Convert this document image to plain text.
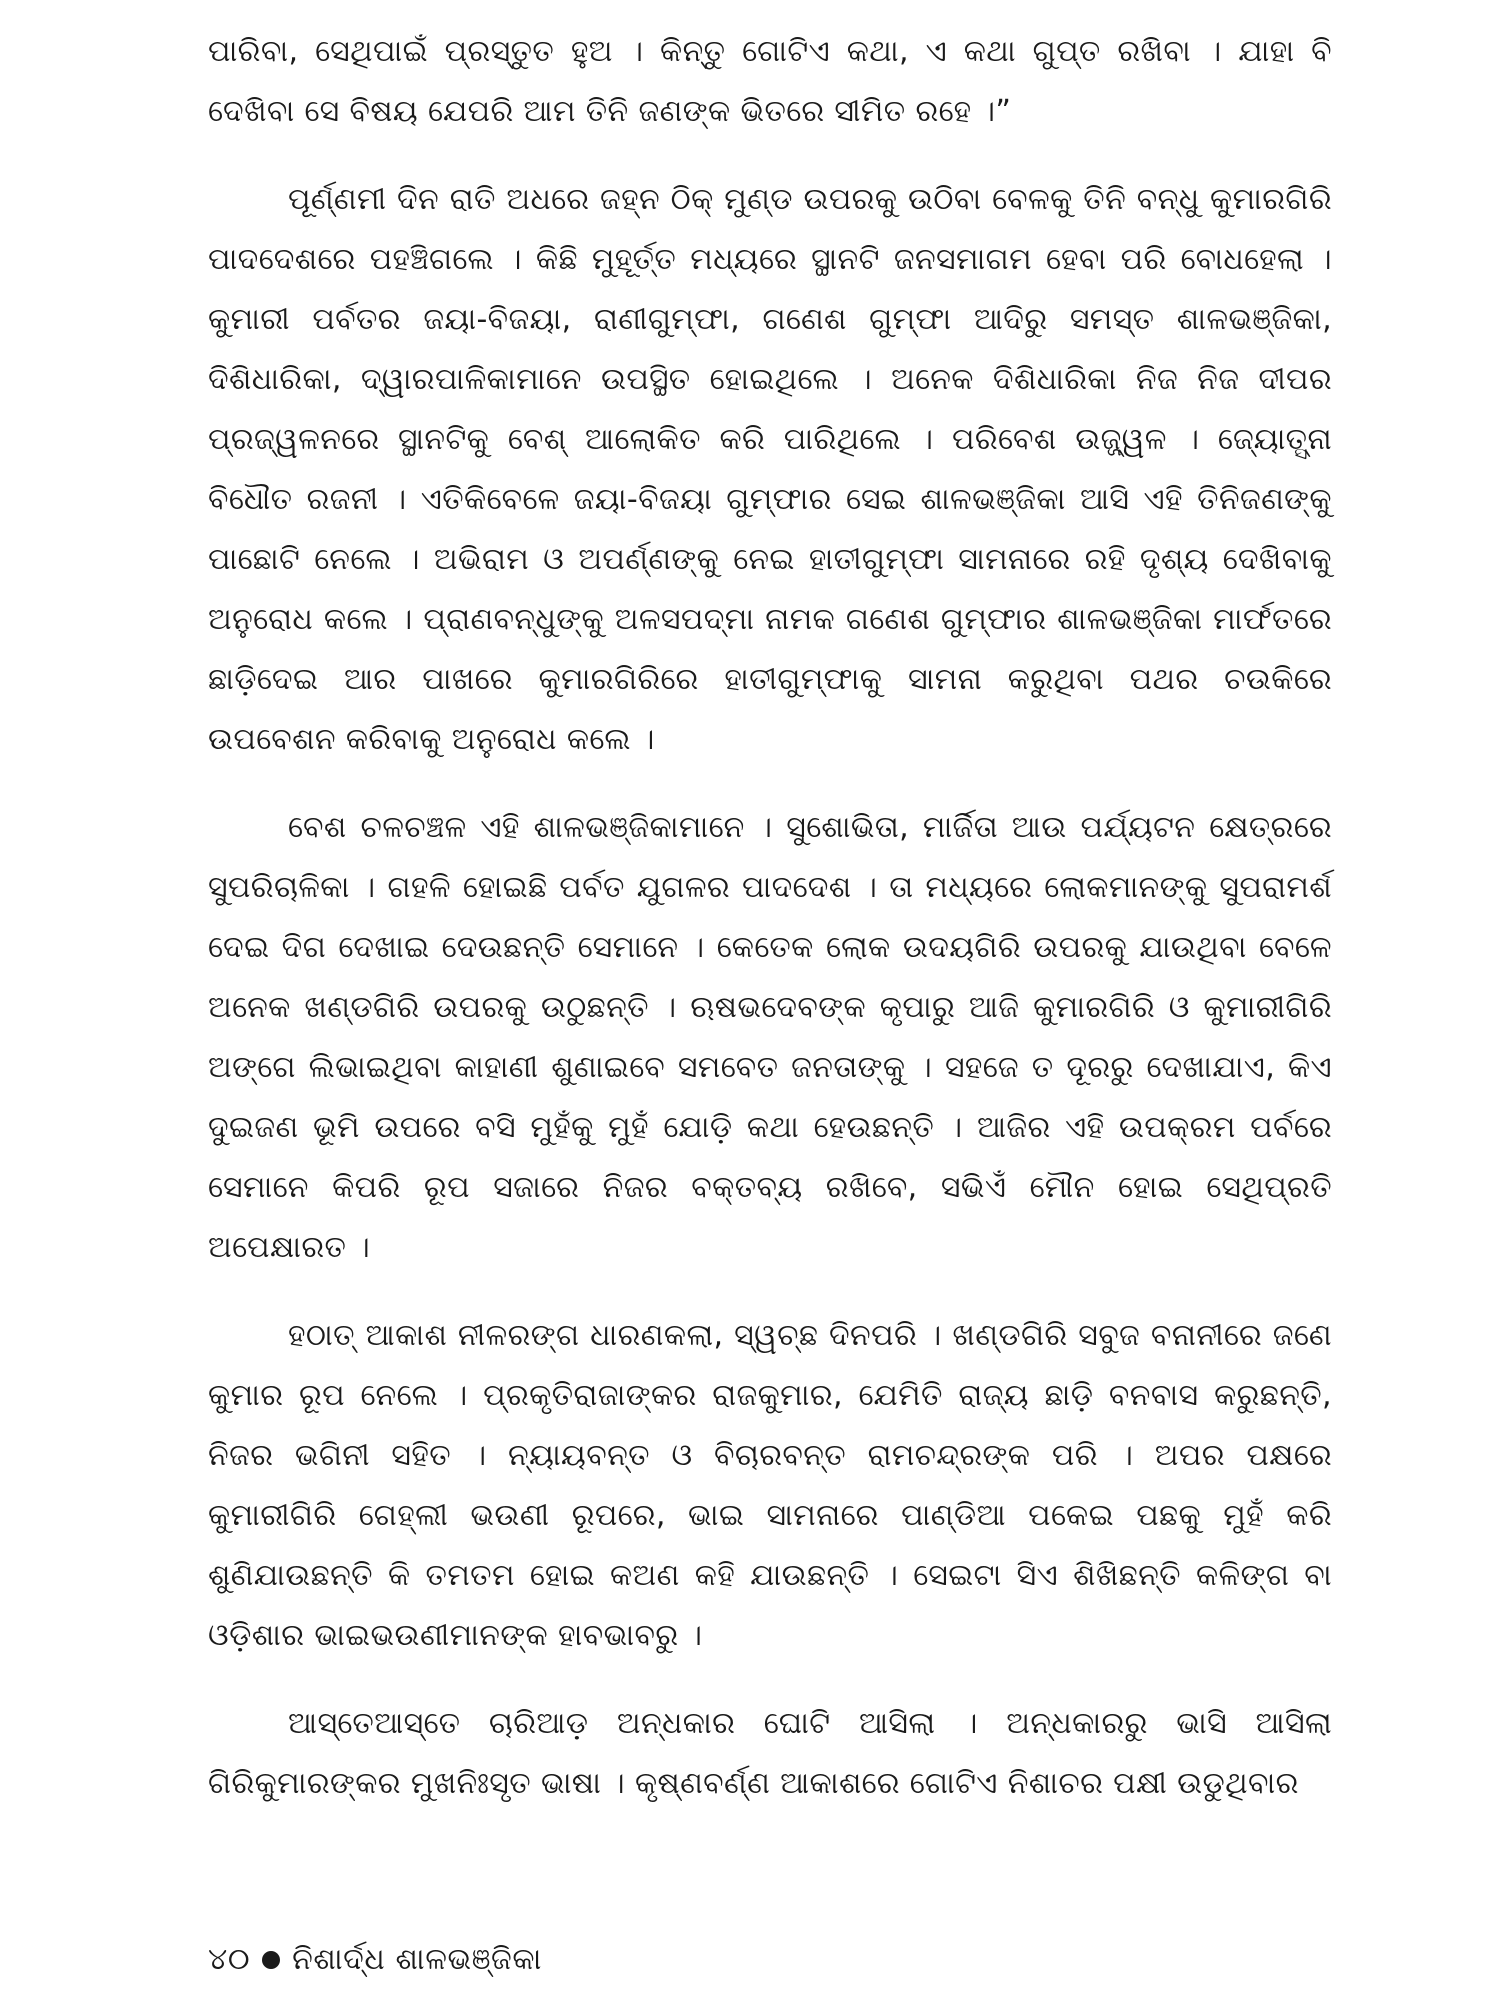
ପାରିବା, ସେଥିପାଇଁ ପ୍ରସ୍ତୁତ ହୁଅ । କିନ୍ତୁ ଗୋଟିଏ କଥା, ଏ କଥା ଗୁପ୍ତ ରଖିବା । ଯାହା ବି ଦେଖିବା ସେ ବିଷୟ ଯେପରି ଆମ ତିନି ଜଣଙ୍କ ଭିତରେ ସୀମିତ ରହେ ।”

ପୂର୍ଣ୍ଣମୀ ଦିନ ରାତି ଅଧରେ ଜହ୍ନ ଠିକ୍ ମୁଣ୍ଡ ଉପରକୁ ଉଠିବା ବେଳକୁ ତିନି ବନ୍ଧୁ କୁମାରଗିରି ପାଦଦେଶରେ ପହଞ୍ଚିଗଲେ । କିଛି ମୁହୂର୍ତ୍ତ ମଧ୍ୟରେ ସ୍ଥାନଟି ଜନସମାଗମ ହେବା ପରି ବୋଧହେଲା । କୁମାରୀ ପର୍ବତର ଜୟା-ବିଜୟା, ରାଣୀଗୁମ୍ଫା, ଗଣେଶ ଗୁମ୍ଫା ଆଦିରୁ ସମସ୍ତ ଶାଳଭଞ୍ଜିକା, ଦିଶିଧାରିକା, ଦ୍ୱାରପାଳିକାମାନେ ଉପସ୍ଥିତ ହୋଇଥିଲେ । ଅନେକ ଦିଶିଧାରିକା ନିଜ ନିଜ ଦୀପର ପ୍ରଜ୍ୱଳନରେ ସ୍ଥାନଟିକୁ ବେଶ୍ ଆଲୋକିତ କରି ପାରିଥିଲେ । ପରିବେଶ ଉଜ୍ଜ୍ୱଳ । ଜ୍ୟୋତ୍ସ୍ନା ବିଧୌତ ରଜନୀ । ଏତିକିବେଳେ ଜୟା-ବିଜୟା ଗୁମ୍ଫାର ସେଇ ଶାଳଭଞ୍ଜିକା ଆସି ଏହି ତିନିଜଣଙ୍କୁ ପାଛୋଟି ନେଲେ । ଅଭିରାମ ଓ ଅପର୍ଣ୍ଣଙ୍କୁ ନେଇ ହାତୀଗୁମ୍ଫା ସାମନାରେ ରହି ଦୃଶ୍ୟ ଦେଖିବାକୁ ଅନୁରୋଧ କଲେ । ପ୍ରାଣବନ୍ଧୁଙ୍କୁ ଅଳସପଦ୍ମା ନାମକ ଗଣେଶ ଗୁମ୍ଫାର ଶାଳଭଞ୍ଜିକା ମାର୍ଫତରେ ଛାଡ଼ିଦେଇ ଆର ପାଖରେ କୁମାରଗିରିରେ ହାତୀଗୁମ୍ଫାକୁ ସାମନା କରୁଥିବା ପଥର ଚଉକିରେ ଉପବେଶନ କରିବାକୁ ଅନୁରୋଧ କଲେ ।

ବେଶ ଚଳଚଞ୍ଚଳ ଏହି ଶାଳଭଞ୍ଜିକାମାନେ । ସୁଶୋଭିତା, ମାର୍ଜିତା ଆଉ ପର୍ଯ୍ୟଟନ କ୍ଷେତ୍ରରେ ସୁପରିଚାଳିକା । ଗହଳି ହୋଇଛି ପର୍ବତ ଯୁଗଳର ପାଦଦେଶ । ତା ମଧ୍ୟରେ ଲୋକମାନଙ୍କୁ ସୁପରାମର୍ଶ ଦେଇ ଦିଗ ଦେଖାଇ ଦେଉଛନ୍ତି ସେମାନେ । କେତେକ ଲୋକ ଉଦୟଗିରି ଉପରକୁ ଯାଉଥିବା ବେଳେ ଅନେକ ଖଣ୍ଡଗିରି ଉପରକୁ ଉଠୁଛନ୍ତି । ଋଷଭଦେବଙ୍କ କୃପାରୁ ଆଜି କୁମାରଗିରି ଓ କୁମାରୀଗିରି ଅଙ୍ଗେ ଲିଭାଇଥିବା କାହାଣୀ ଶୁଣାଇବେ ସମବେତ ଜନତାଙ୍କୁ । ସହଜେ ତ ଦୂରରୁ ଦେଖାଯାଏ, କିଏ ଦୁଇଜଣ ଭୂମି ଉପରେ ବସି ମୁହଁକୁ ମୁହଁ ଯୋଡ଼ି କଥା ହେଉଛନ୍ତି । ଆଜିର ଏହି ଉପକ୍ରମ ପର୍ବରେ ସେମାନେ କିପରି ରୂପ ସଜାରେ ନିଜର ବକ୍ତବ୍ୟ ରଖିବେ, ସଭିଏଁ ମୌନ ହୋଇ ସେଥିପ୍ରତି ଅପେକ୍ଷାରତ ।

ହଠାତ୍ ଆକାଶ ନୀଳରଙ୍ଗ ଧାରଣକଲା, ସ୍ୱଚ୍ଛ ଦିନପରି । ଖଣ୍ଡଗିରି ସବୁଜ ବନାନୀରେ ଜଣେ କୁମାର ରୂପ ନେଲେ । ପ୍ରକୃତିରାଜାଙ୍କର ରାଜକୁମାର, ଯେମିତି ରାଜ୍ୟ ଛାଡ଼ି ବନବାସ କରୁଛନ୍ତି, ନିଜର ଭଗିନୀ ସହିତ । ନ୍ୟାୟବନ୍ତ ଓ ବିଚାରବନ୍ତ ରାମଚନ୍ଦ୍ରଙ୍କ ପରି । ଅପର ପକ୍ଷରେ କୁମାରୀଗିରି ଗେହ୍ଲୀ ଭଉଣୀ ରୂପରେ, ଭାଇ ସାମନାରେ ପାଣ୍ଡିଆ ପକେଇ ପଛକୁ ମୁହଁ କରି ଶୁଣିଯାଉଛନ୍ତି କି ତମତମ ହୋଇ କଅଣ କହି ଯାଉଛନ୍ତି । ସେଇଟା ସିଏ ଶିଖିଛନ୍ତି କଳିଙ୍ଗ ବା ଓଡ଼ିଶାର ଭାଇଭଉଣୀମାନଙ୍କ ହାବଭାବରୁ ।

ଆସ୍ତେଆସ୍ତେ ଚାରିଆଡ଼ ଅନ୍ଧକାର ଘୋଟି ଆସିଲା । ଅନ୍ଧକାରରୁ ଭାସି ଆସିଲା ଗିରିକୁମାରଙ୍କର ମୁଖନିଃସୃତ ଭାଷା । କୃଷ୍ଣବର୍ଣ୍ଣ ଆକାଶରେ ଗୋଟିଏ ନିଶାଚର ପକ୍ଷୀ ଉଡୁଥିବାର

୪୦ ନିଶାର୍ଦ୍ଧ ଶାଳଭଞ୍ଜିକା
